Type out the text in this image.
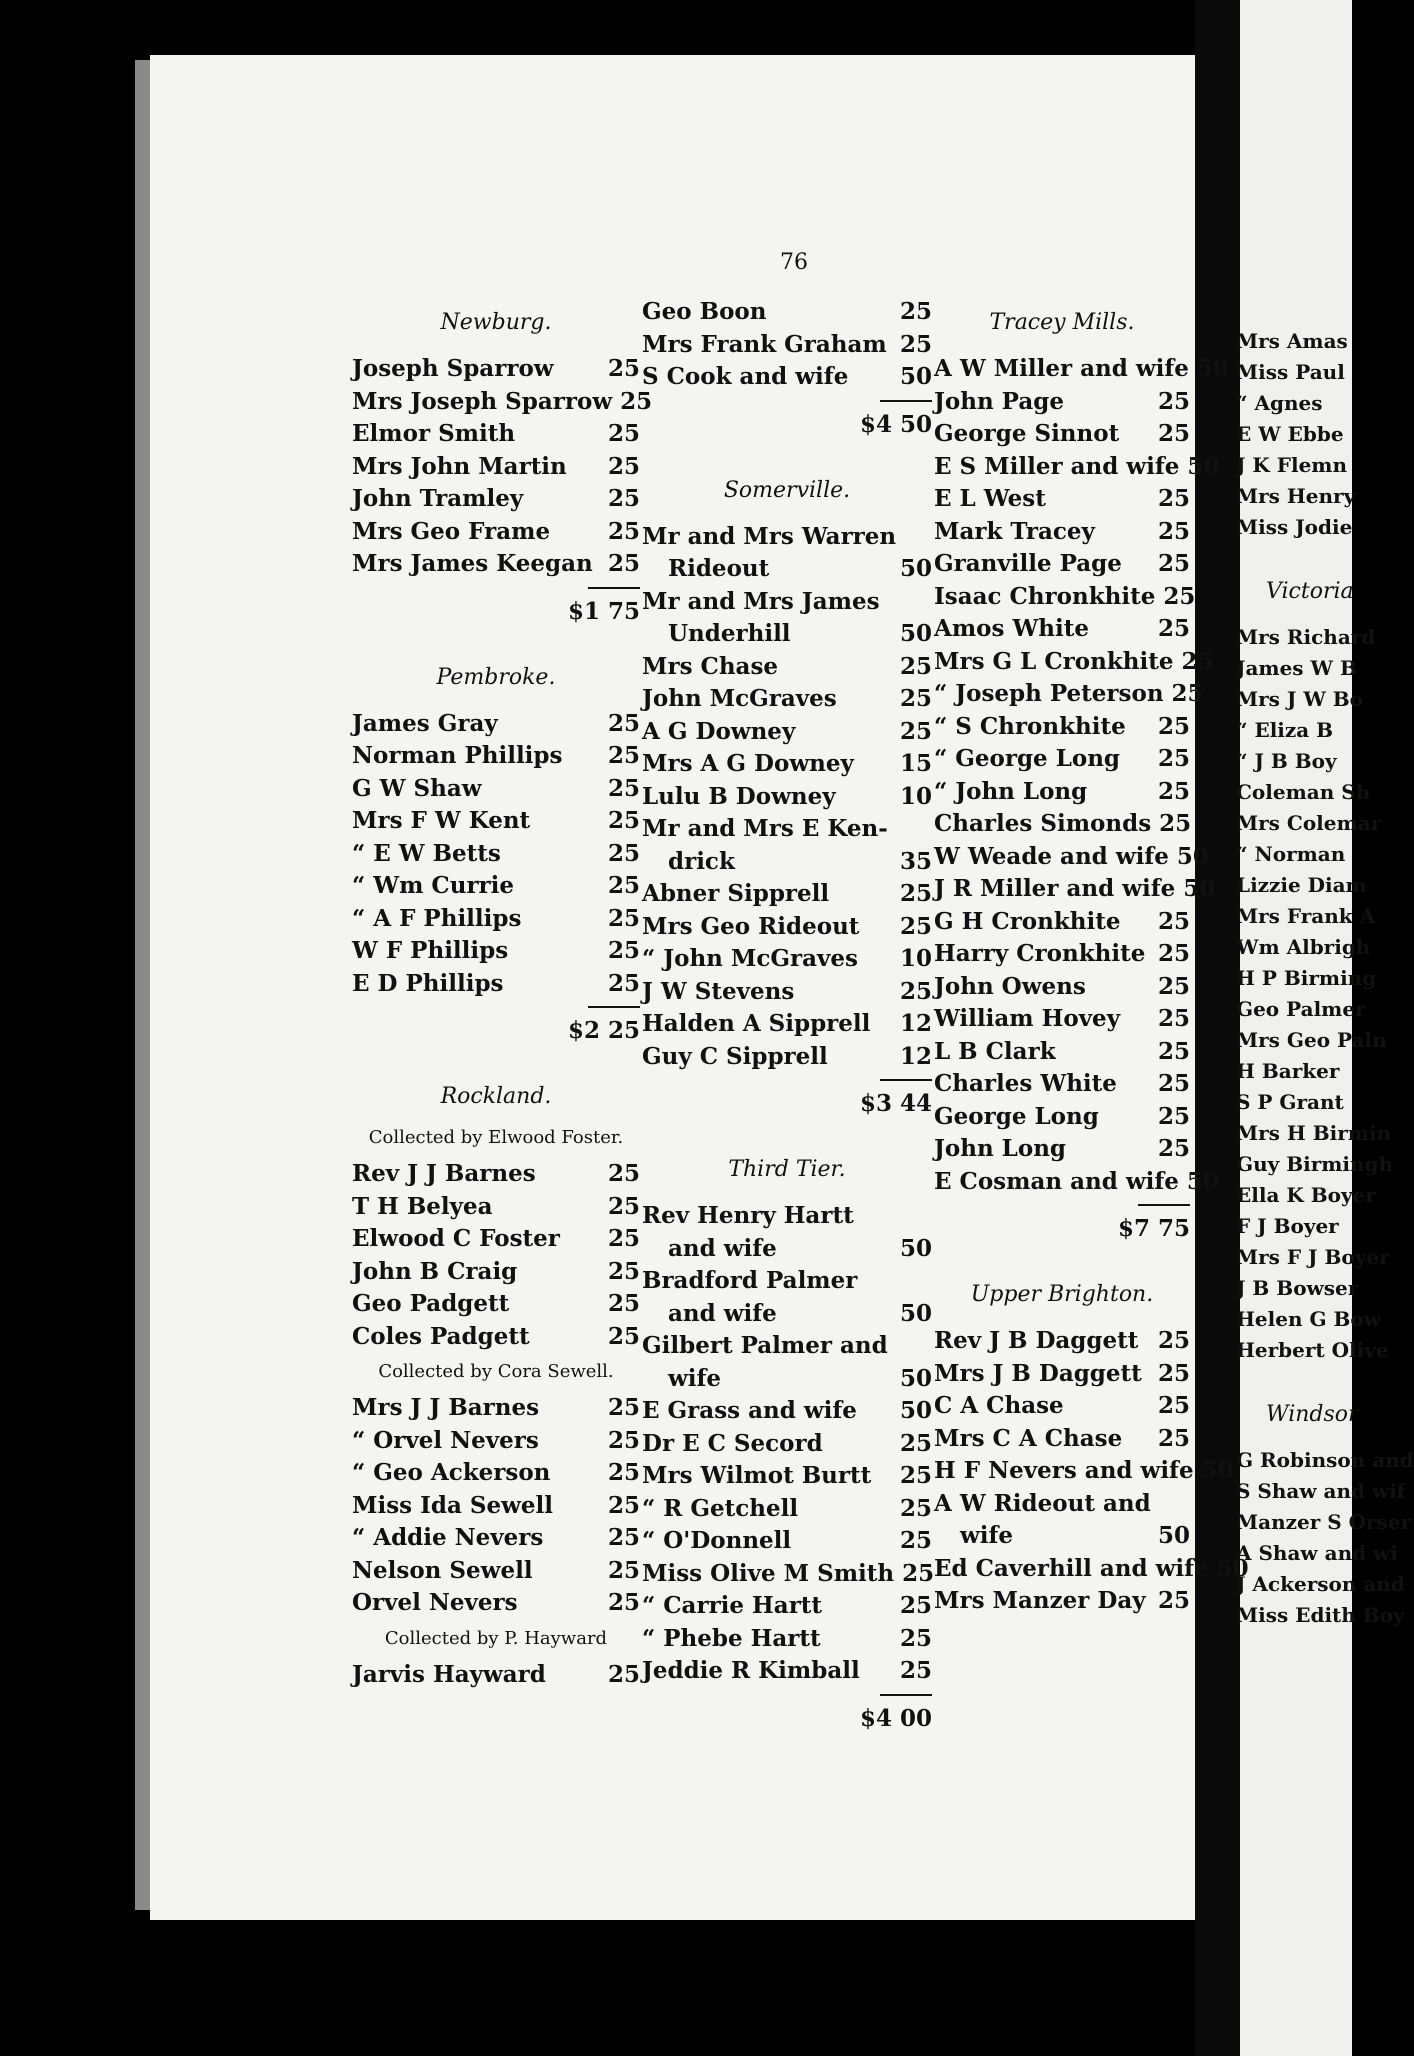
76
Newburg.
Joseph Sparrow	25
Mrs Joseph Sparrow 25
Elmor Smith	25
Mrs John Martin	25
John Tramley	25
Mrs Geo Frame	25
Mrs James Keegan 25
$1 75
Pembroke.
James Gray	25
Norman Phillips	25
G W Shaw	25
Mrs F W Kent	25
“ E W Betts	25
“ Wm Currie	25
“ A F Phillips	25
W F Phillips	25
E D Phillips	25
$2 25
Rockland.
Collected by Elwood Foster.
Rev J J Barnes	25
T H Belyea	25
Elwood C Foster	25
John B Craig	25
Geo Padgett	25
Coles Padgett	25
Collected by Cora Sewell.
Mrs J J Barnes	25
“ Orvel Nevers	25
“ Geo Ackerson	25
Miss Ida Sewell	25
“ Addie Nevers	25
Nelson Sewell	25
Orvel Nevers	25
Collected by P. Hayward
Jarvis Hayward	25
Geo Boon	25
Mrs Frank Graham 25
S Cook and wife	50
$4 50
Somerville.
Mr and Mrs Warren
Rideout	50
Mr and Mrs James
Underhill	50
Mrs Chase	25
John McGraves	25
A G Downey	25
Mrs A G Downey	15
Lulu B Downey	10
Mr and Mrs E Ken-
drick	35
Abner Sipprell	25
Mrs Geo Rideout	25
“ John McGraves	10
J W Stevens	25
Halden A Sipprell	12
Guy C Sipprell	12
$3 44
Third Tier.
Rev Henry Hartt
and wife	50
Bradford Palmer
and wife	50
Gilbert Palmer and
wife	50
E Grass and wife	50
Dr E C Secord	25
Mrs Wilmot Burtt	25
“ R Getchell	25
“ O'Donnell	25
Miss Olive M Smith 25
“ Carrie Hartt	25
“ Phebe Hartt	25
Jeddie R Kimball	25
$4 00
Tracey Mills.
A W Miller and wife 50
John Page	25
George Sinnot	25
E S Miller and wife 50
E L West	25
Mark Tracey	25
Granville Page	25
Isaac Chronkhite 25
Amos White	25
Mrs G L Cronkhite 25
“ Joseph Peterson 25
“ S Chronkhite	25
“ George Long	25
“ John Long	25
Charles Simonds 25
W Weade and wife 50
J R Miller and wife 50
G H Cronkhite	25
Harry Cronkhite 25
John Owens	25
William Hovey	25
L B Clark	25
Charles White	25
George Long	25
John Long	25
E Cosman and wife 50
$7 75
Upper Brighton.
Rev J B Daggett 25
Mrs J B Daggett 25
C A Chase	25
Mrs C A Chase	25
H F Nevers and wife 50
A W Rideout and
wife	50
Ed Caverhill and wife 50
Mrs Manzer Day 25
Mrs Amas
Miss Paul
“ Agnes
E W Ebbe
J K Flemn
Mrs Henry
Miss Jodie
Victoria
Mrs Richard
James W B
Mrs J W Bo
“ Eliza B
“ J B Boy
Coleman Sh
Mrs Colemar
“ Norman
Lizzie Diam
Mrs Frank A
Wm Albrigh
H P Birming
Geo Palmer
Mrs Geo Paln
H Barker
S P Grant
Mrs H Birmin
Guy Birmingh
Ella K Boyer
F J Boyer
Mrs F J Boyer
J B Bowser
Helen G Bow
Herbert Olive
Windsor
G Robinson and
S Shaw and wif
Manzer S Orser
A Shaw and wi
J Ackerson and
Miss Edith Boy
